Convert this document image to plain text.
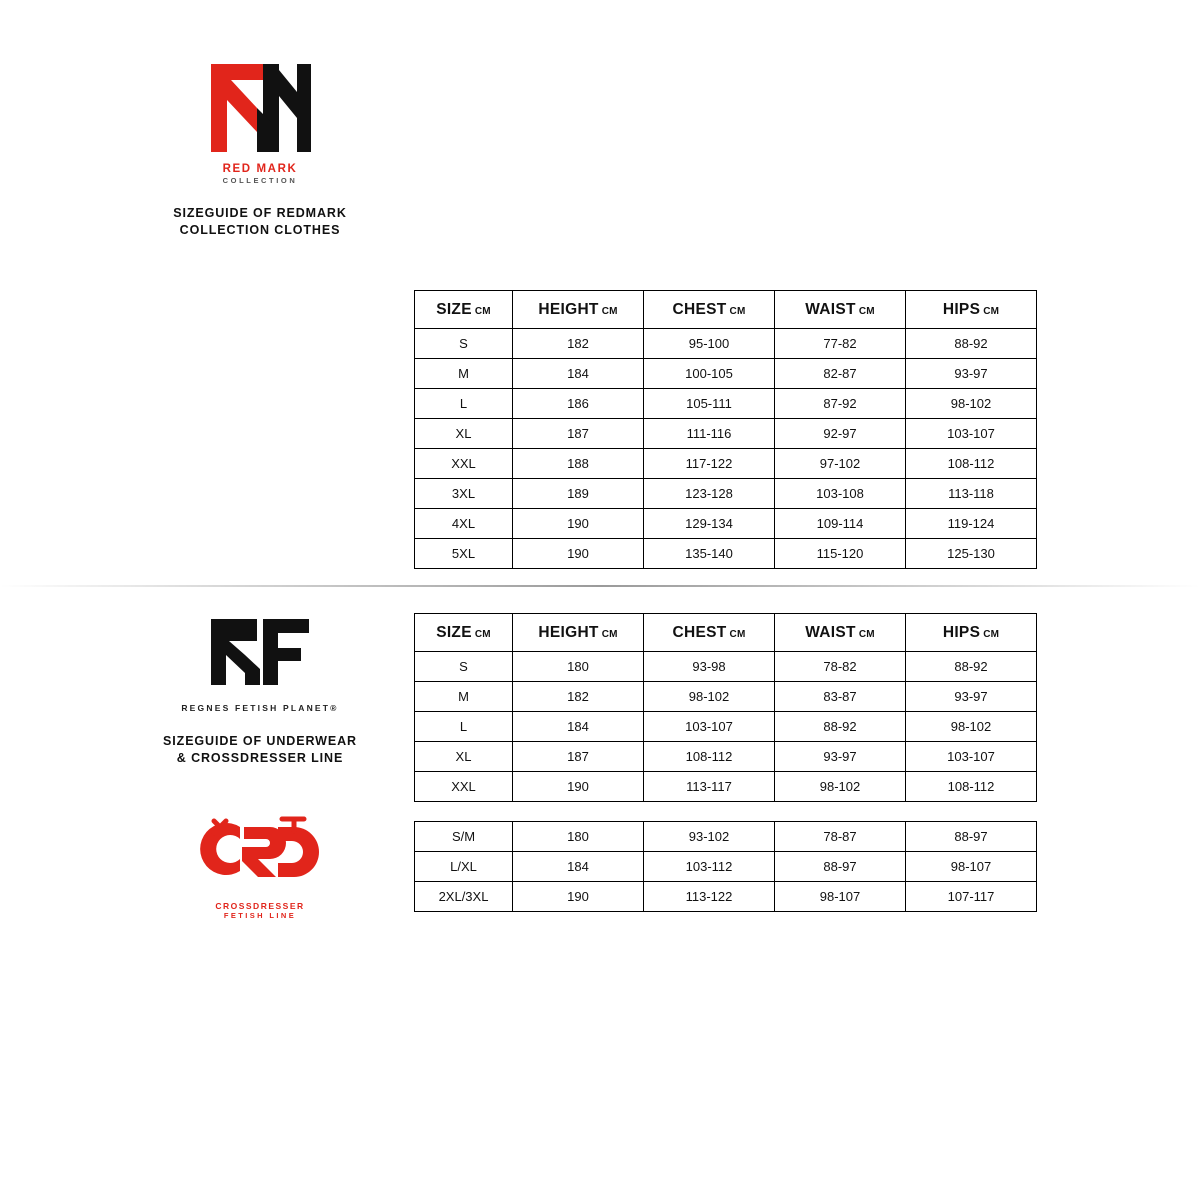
RED MARK
COLLECTION
SIZEGUIDE OF REDMARK
COLLECTION CLOTHES
REGNES FETISH PLANET®
SIZEGUIDE OF UNDERWEAR
& CROSSDRESSER LINE
CROSSDRESSER
FETISH LINE
SIZE CM	HEIGHT CM	CHEST CM	WAIST CM	HIPS CM
S	182	95-100	77-82	88-92
M	184	100-105	82-87	93-97
L	186	105-111	87-92	98-102
XL	187	111-116	92-97	103-107
XXL	188	117-122	97-102	108-112
3XL	189	123-128	103-108	113-118
4XL	190	129-134	109-114	119-124
5XL	190	135-140	115-120	125-130
SIZE CM	HEIGHT CM	CHEST CM	WAIST CM	HIPS CM
S	180	93-98	78-82	88-92
M	182	98-102	83-87	93-97
L	184	103-107	88-92	98-102
XL	187	108-112	93-97	103-107
XXL	190	113-117	98-102	108-112
S/M	180	93-102	78-87	88-97
L/XL	184	103-112	88-97	98-107
2XL/3XL	190	113-122	98-107	107-117
